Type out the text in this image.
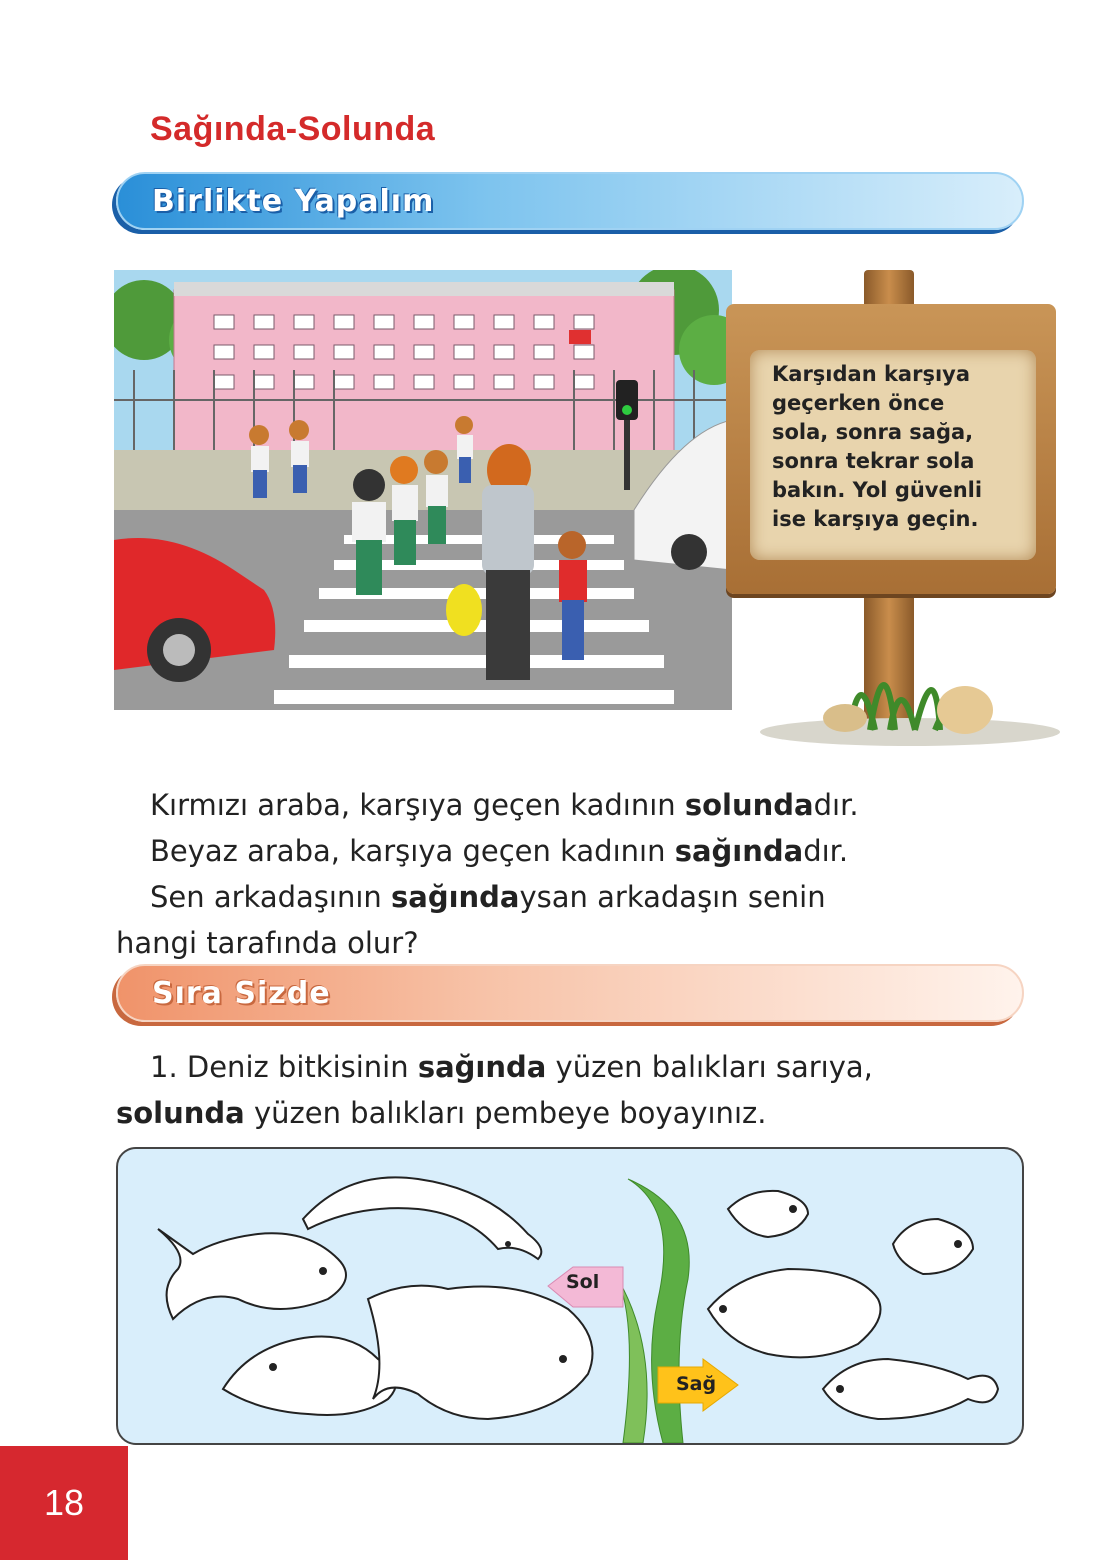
Sağında-Solunda
Birlikte Yapalım
Karşıdan karşıya
geçerken önce
sola, sonra sağa,
sonra tekrar sola
bakın. Yol güvenli
ise karşıya geçin.
Kırmızı araba, karşıya geçen kadının solundadır.
Beyaz araba, karşıya geçen kadının sağındadır.
Sen arkadaşının sağındaysan arkadaşın senin
hangi tarafında olur?
Sıra Sizde
1. Deniz bitkisinin sağında yüzen balıkları sarıya,
solunda yüzen balıkları pembeye boyayınız.
Sol
Sağ
18
